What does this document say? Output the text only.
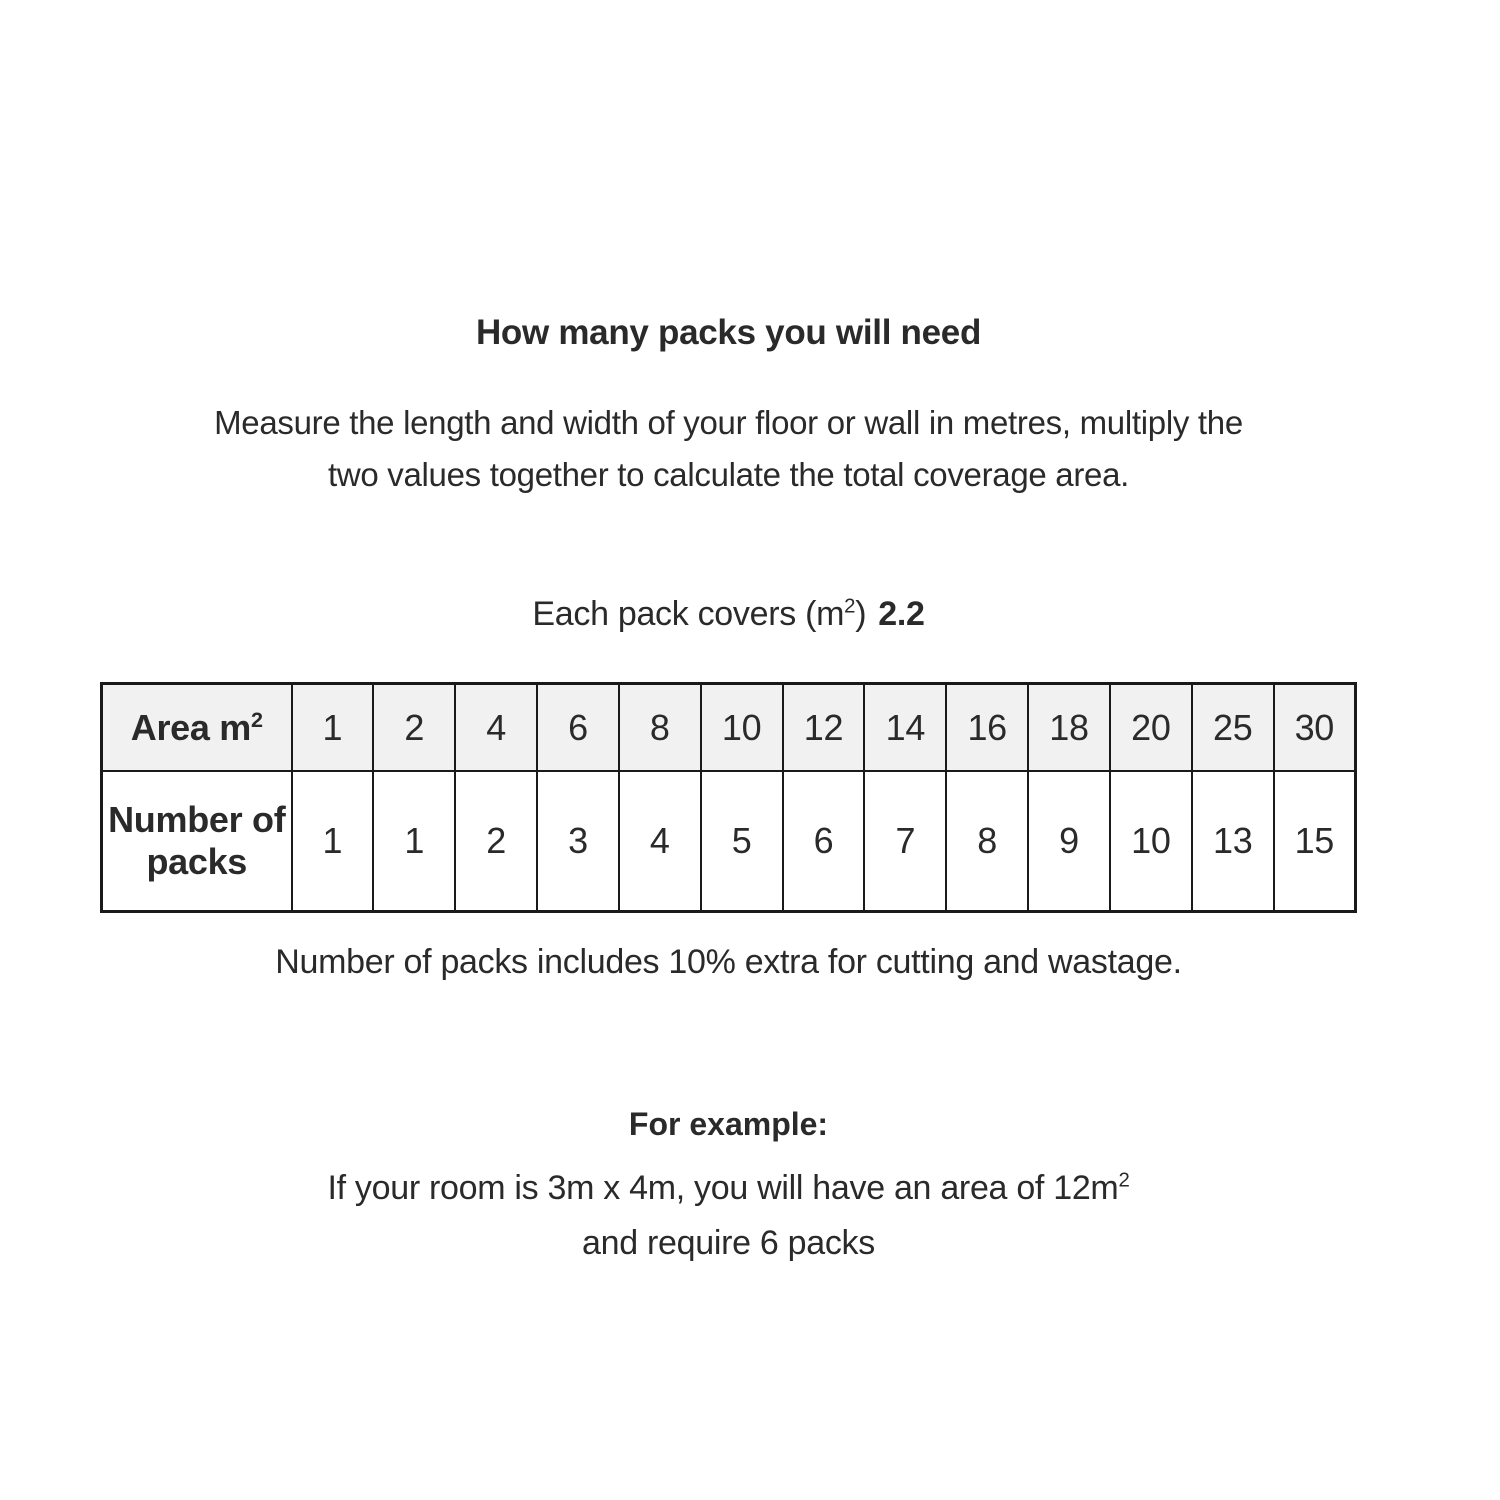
How many packs you will need
Measure the length and width of your floor or wall in metres, multiply the
two values together to calculate the total coverage area.
Each pack covers $(m^2)$ 2.2
Area $m^2$	1	2	4	6	8	10	12	14	16	18	20	25	30
Number of packs	1	1	2	3	4	5	6	7	8	9	10	13	15
Number of packs includes 10% extra for cutting and wastage.
For example:
If your room is 3m x 4m, you will have an area of $12m^2$
and require 6 packs
